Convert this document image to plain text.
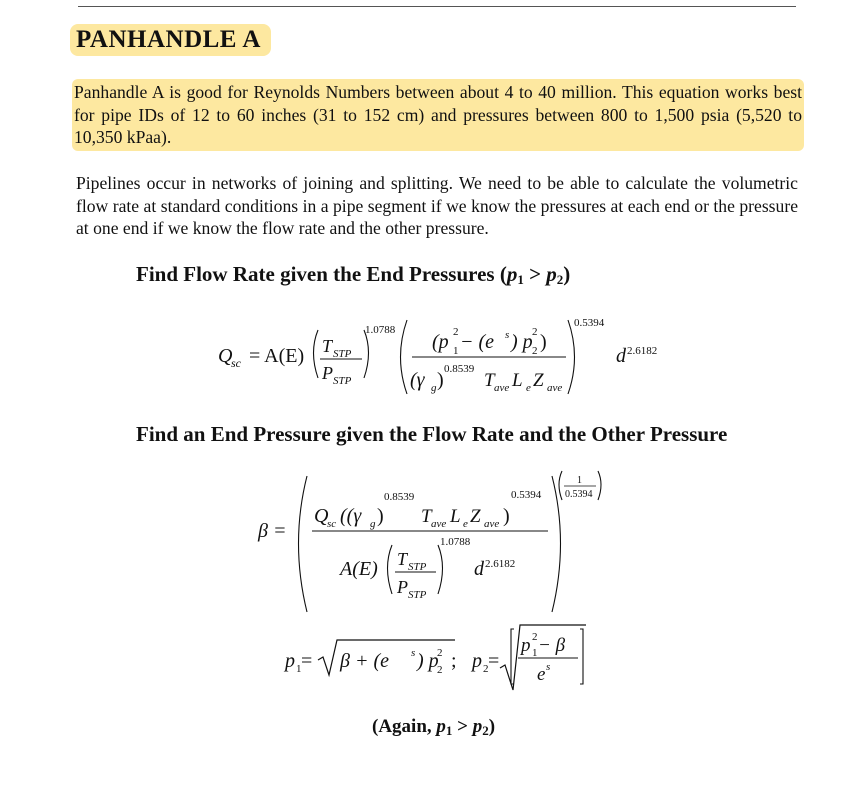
PANHANDLE A
Panhandle A is good for Reynolds Numbers between about 4 to 40 million. This equation works best for pipe IDs of 12 to 60 inches (31 to 152 cm) and pressures between 800 to 1,500 psia (5,520 to 10,350 kPaa).
Pipelines occur in networks of joining and splitting. We need to be able to calculate the volumetric flow rate at standard conditions in a pipe segment if we know the pressures at each end or the pressure at one end if we know the flow rate and the other pressure.
Find Flow Rate given the End Pressures $(p_1 > p_2)$
Find an End Pressure given the Flow Rate and the Other Pressure
(Again, $p_1 > p_2$)
Q
sc = A(E) T STP
P STP
1.0788
(p 1
2 − (e s ) p 2
2 )
(γ g ) 0.8539
T ave L e Z ave
0.5394
d 2.6182
β =
Q
sc ((γ g )
0.8539
T ave L e Z ave )
0.5394
A(E) T STP
P STP
1.0788
d 2.6182
1
0.5394
p 1 = β + (e s ) p
2
2 ; p 2 =
p 1
2 − β
e s
